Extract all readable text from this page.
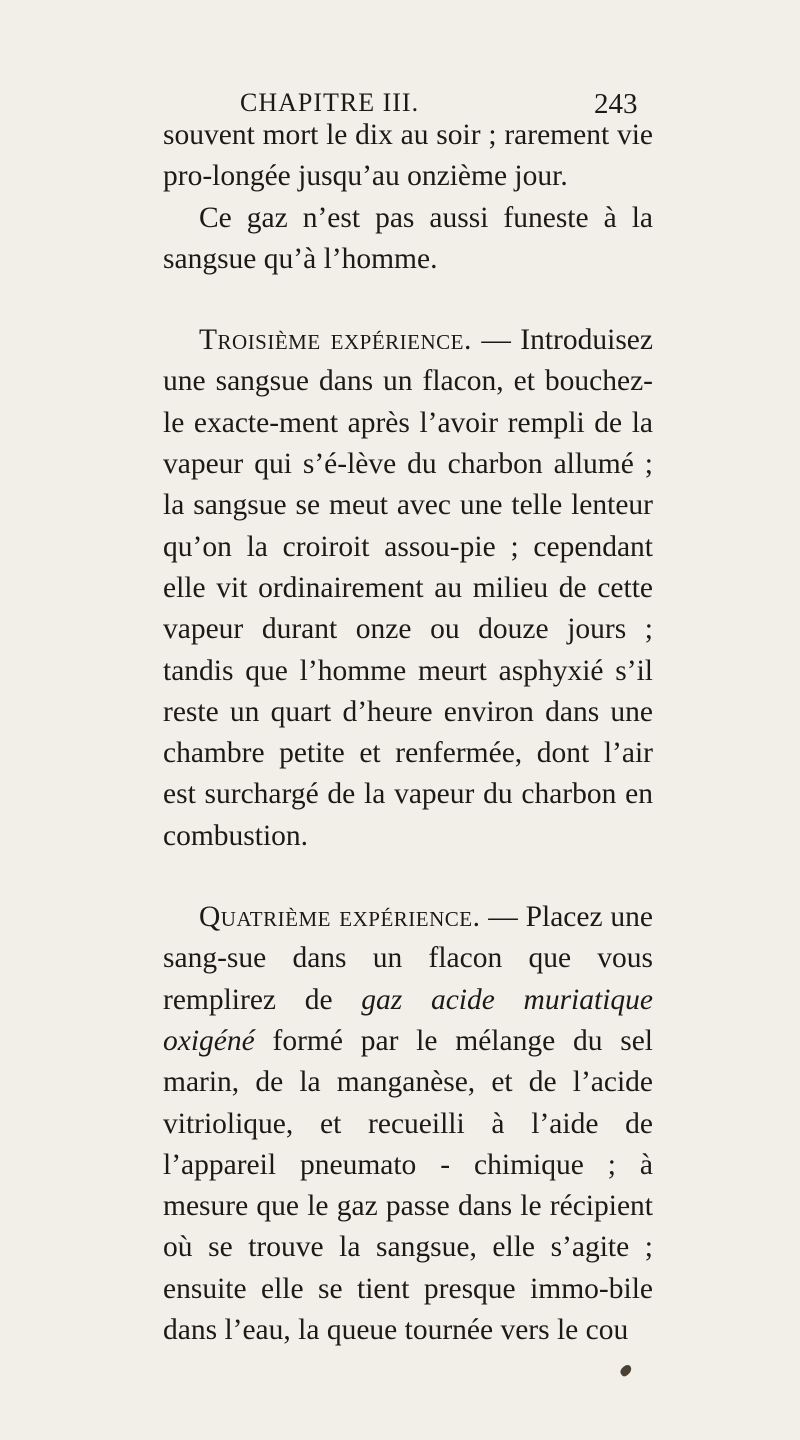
CHAPITRE III.	243

souvent mort le dix au soir ; rarement vie pro-longée jusqu’au onzième jour.

Ce gaz n’est pas aussi funeste à la sangsue qu’à l’homme.

Troisième expérience. — Introduisez une sangsue dans un flacon, et bouchez-le exacte-ment après l’avoir rempli de la vapeur qui s’é-lève du charbon allumé ; la sangsue se meut avec une telle lenteur qu’on la croiroit assou-pie ; cependant elle vit ordinairement au milieu de cette vapeur durant onze ou douze jours ; tandis que l’homme meurt asphyxié s’il reste un quart d’heure environ dans une chambre petite et renfermée, dont l’air est surchargé de la vapeur du charbon en combustion.

Quatrième expérience. — Placez une sang-sue dans un flacon que vous remplirez de gaz acide muriatique oxigéné formé par le mélange du sel marin, de la manganèse, et de l’acide vitriolique, et recueilli à l’aide de l’appareil pneumato - chimique ; à mesure que le gaz passe dans le récipient où se trouve la sangsue, elle s’agite ; ensuite elle se tient presque immo-bile dans l’eau, la queue tournée vers le cou
